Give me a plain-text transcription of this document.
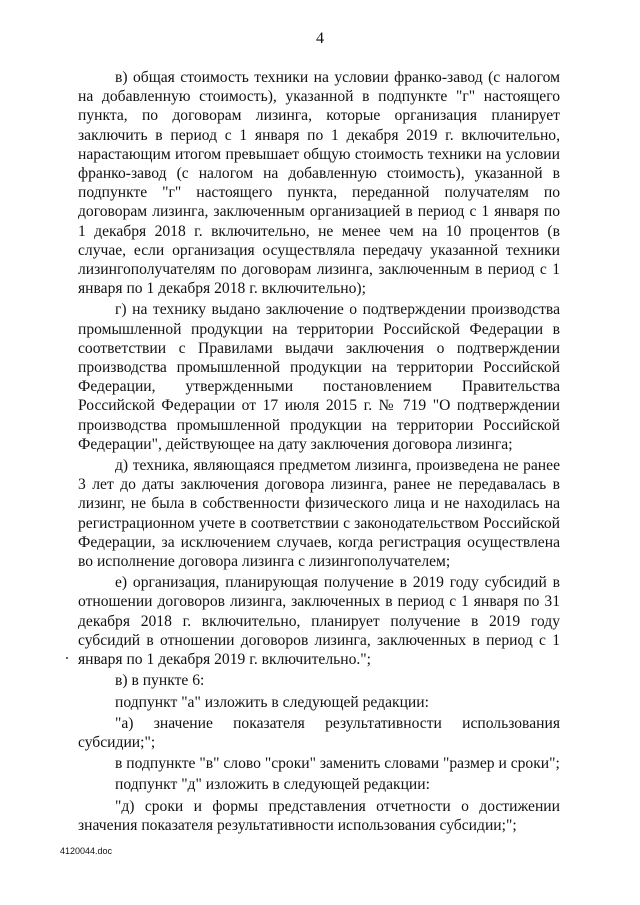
4

в) общая стоимость техники на условии франко-завод (с налогом на добавленную стоимость), указанной в подпункте "г" настоящего пункта, по договорам лизинга, которые организация планирует заключить в период с 1 января по 1 декабря 2019 г. включительно, нарастающим итогом превышает общую стоимость техники на условии франко-завод (с налогом на добавленную стоимость), указанной в подпункте "г" настоящего пункта, переданной получателям по договорам лизинга, заключенным организацией в период с 1 января по 1 декабря 2018 г. включительно, не менее чем на 10 процентов (в случае, если организация осуществляла передачу указанной техники лизингополучателям по договорам лизинга, заключенным в период с 1 января по 1 декабря 2018 г. включительно);

г) на технику выдано заключение о подтверждении производства промышленной продукции на территории Российской Федерации в соответствии с Правилами выдачи заключения о подтверждении производства промышленной продукции на территории Российской Федерации, утвержденными постановлением Правительства Российской Федерации от 17 июля 2015 г. № 719 "О подтверждении производства промышленной продукции на территории Российской Федерации", действующее на дату заключения договора лизинга;

д) техника, являющаяся предметом лизинга, произведена не ранее 3 лет до даты заключения договора лизинга, ранее не передавалась в лизинг, не была в собственности физического лица и не находилась на регистрационном учете в соответствии с законодательством Российской Федерации, за исключением случаев, когда регистрация осуществлена во исполнение договора лизинга с лизингополучателем;

е) организация, планирующая получение в 2019 году субсидий в отношении договоров лизинга, заключенных в период с 1 января по 31 декабря 2018 г. включительно, планирует получение в 2019 году субсидий в отношении договоров лизинга, заключенных в период с 1 января по 1 декабря 2019 г. включительно.";

в) в пункте 6:

подпункт "а" изложить в следующей редакции:

"а) значение показателя результативности использования субсидии;";

в подпункте "в" слово "сроки" заменить словами "размер и сроки";

подпункт "д" изложить в следующей редакции:

"д) сроки и формы представления отчетности о достижении значения показателя результативности использования субсидии;";

4120044.doc
